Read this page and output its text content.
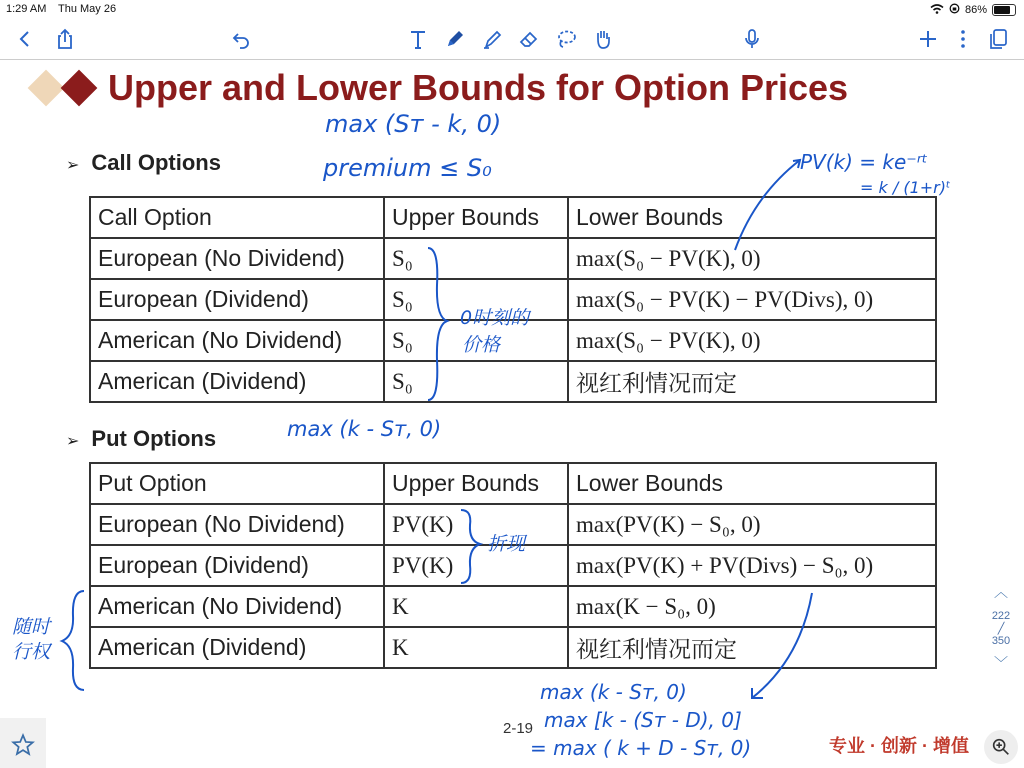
1:29 AM Thu May 26	86%
Upper and Lower Bounds for Option Prices
➢ Call Options
Call Option	Upper Bounds	Lower Bounds
European (No Dividend)	S₀	max(S₀ − PV(K), 0)
European (Dividend)	S₀	max(S₀ − PV(K) − PV(Divs), 0)
American (No Dividend)	S₀	max(S₀ − PV(K), 0)
American (Dividend)	S₀	视红利情况而定
➢ Put Options
Put Option	Upper Bounds	Lower Bounds
European (No Dividend)	PV(K)	max(PV(K) − S₀, 0)
European (Dividend)	PV(K)	max(PV(K) + PV(Divs) − S₀, 0)
American (No Dividend)	K	max(K − S₀, 0)
American (Dividend)	K	视红利情况而定
max (Sᴛ - k, 0)
premium ≤ S₀	PV(k) = ke⁻ʳᵗ
= k / (1+r)ᵗ
0时刻的
价格
max (k - Sᴛ, 0)
折现
随时
行权
max (k - Sᴛ, 0)
max [k - (Sᴛ - D), 0]
= max ( k + D - Sᴛ, 0)
2-19
专业 · 创新 · 增值
︿
222
╱
350
﹀
